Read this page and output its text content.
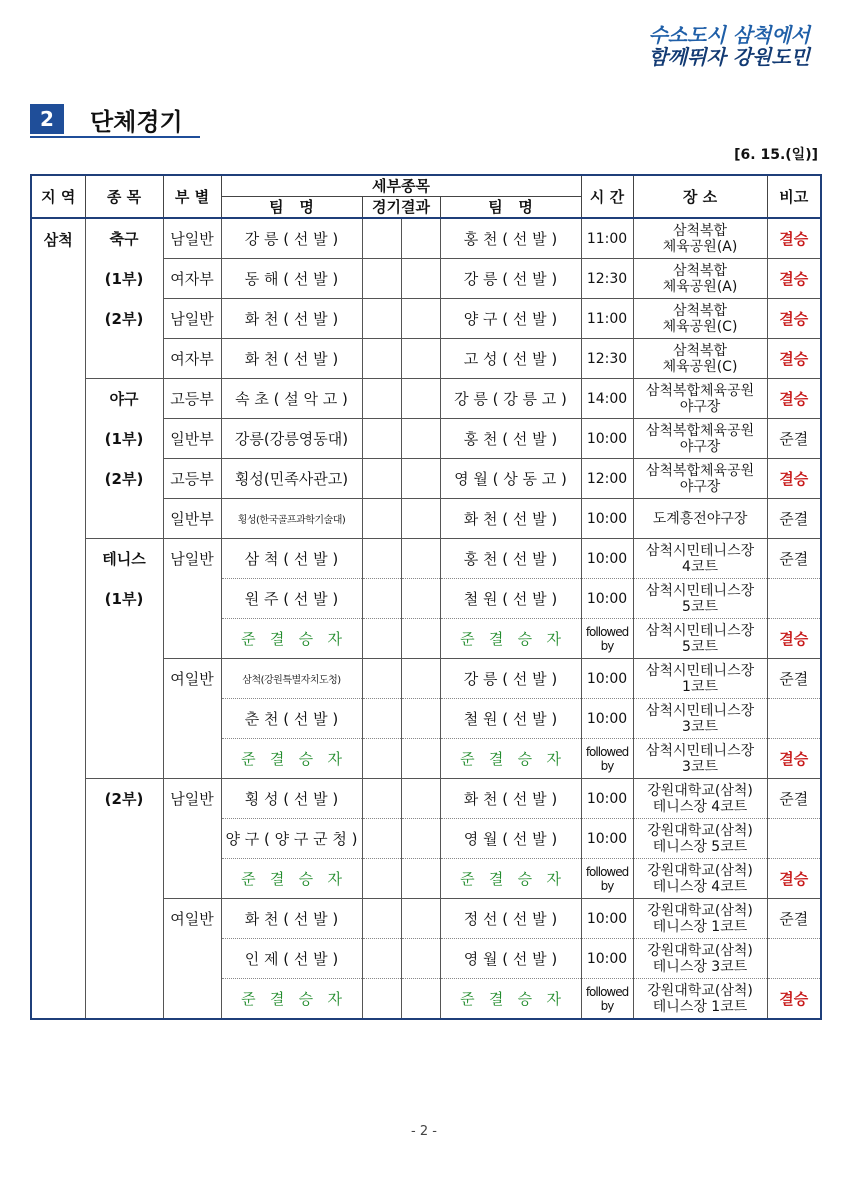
수소도시 삼척에서
함께뛰자 강원도민
2	단체경기
[6. 15.(일)]
지 역	종 목	부 별	세부종목				시 간	장 소	비고
			팀   명	경기결과		팀   명			
삼척	축구	남일반	강 릉 ( 선 발 )			홍 천 ( 선 발 )	11:00	삼척복합
체육공원(A)	결승
	(1부)	여자부	동 해 ( 선 발 )			강 릉 ( 선 발 )	12:30	삼척복합
체육공원(A)	결승
	(2부)	남일반	화 천 ( 선 발 )			양 구 ( 선 발 )	11:00	삼척복합
체육공원(C)	결승
		여자부	화 천 ( 선 발 )			고 성 ( 선 발 )	12:30	삼척복합
체육공원(C)	결승
	야구	고등부	속 초 ( 설 악 고 )			강 릉 ( 강 릉 고 )	14:00	삼척복합체육공원
야구장	결승
	(1부)	일반부	강릉(강릉영동대)			홍 천 ( 선 발 )	10:00	삼척복합체육공원
야구장	준결
	(2부)	고등부	횡성(민족사관고)			영 월 ( 상 동 고 )	12:00	삼척복합체육공원
야구장	결승
		일반부	횡성(한국골프과학기술대)			화 천 ( 선 발 )	10:00	도계흥전야구장	준결
	테니스	남일반	삼 척 ( 선 발 )			홍 천 ( 선 발 )	10:00	삼척시민테니스장
4코트	준결
	(1부)		원 주 ( 선 발 )			철 원 ( 선 발 )	10:00	삼척시민테니스장
5코트	

			준   결   승   자			준   결   승   자	followed by	삼척시민테니스장
5코트	결승
		여일반	삼척(강원특별자치도청)			강 릉 ( 선 발 )	10:00	삼척시민테니스장
1코트	준결
			춘 천 ( 선 발 )			철 원 ( 선 발 )	10:00	삼척시민테니스장
3코트	

			준   결   승   자			준   결   승   자	followed by	삼척시민테니스장
3코트	결승
	(2부)	남일반	횡 성 ( 선 발 )			화 천 ( 선 발 )	10:00	강원대학교(삼척)
테니스장 4코트	준결
			양 구 ( 양 구 군 청 )			영 월 ( 선 발 )	10:00	강원대학교(삼척)
테니스장 5코트	

			준   결   승   자			준   결   승   자	followed by	강원대학교(삼척)
테니스장 4코트	결승
		여일반	화 천 ( 선 발 )			정 선 ( 선 발 )	10:00	강원대학교(삼척)
테니스장 1코트	준결
			인 제 ( 선 발 )			영 월 ( 선 발 )	10:00	강원대학교(삼척)
테니스장 3코트	

			준   결   승   자			준   결   승   자	followed by	강원대학교(삼척)
테니스장 1코트	결승
- 2 -
